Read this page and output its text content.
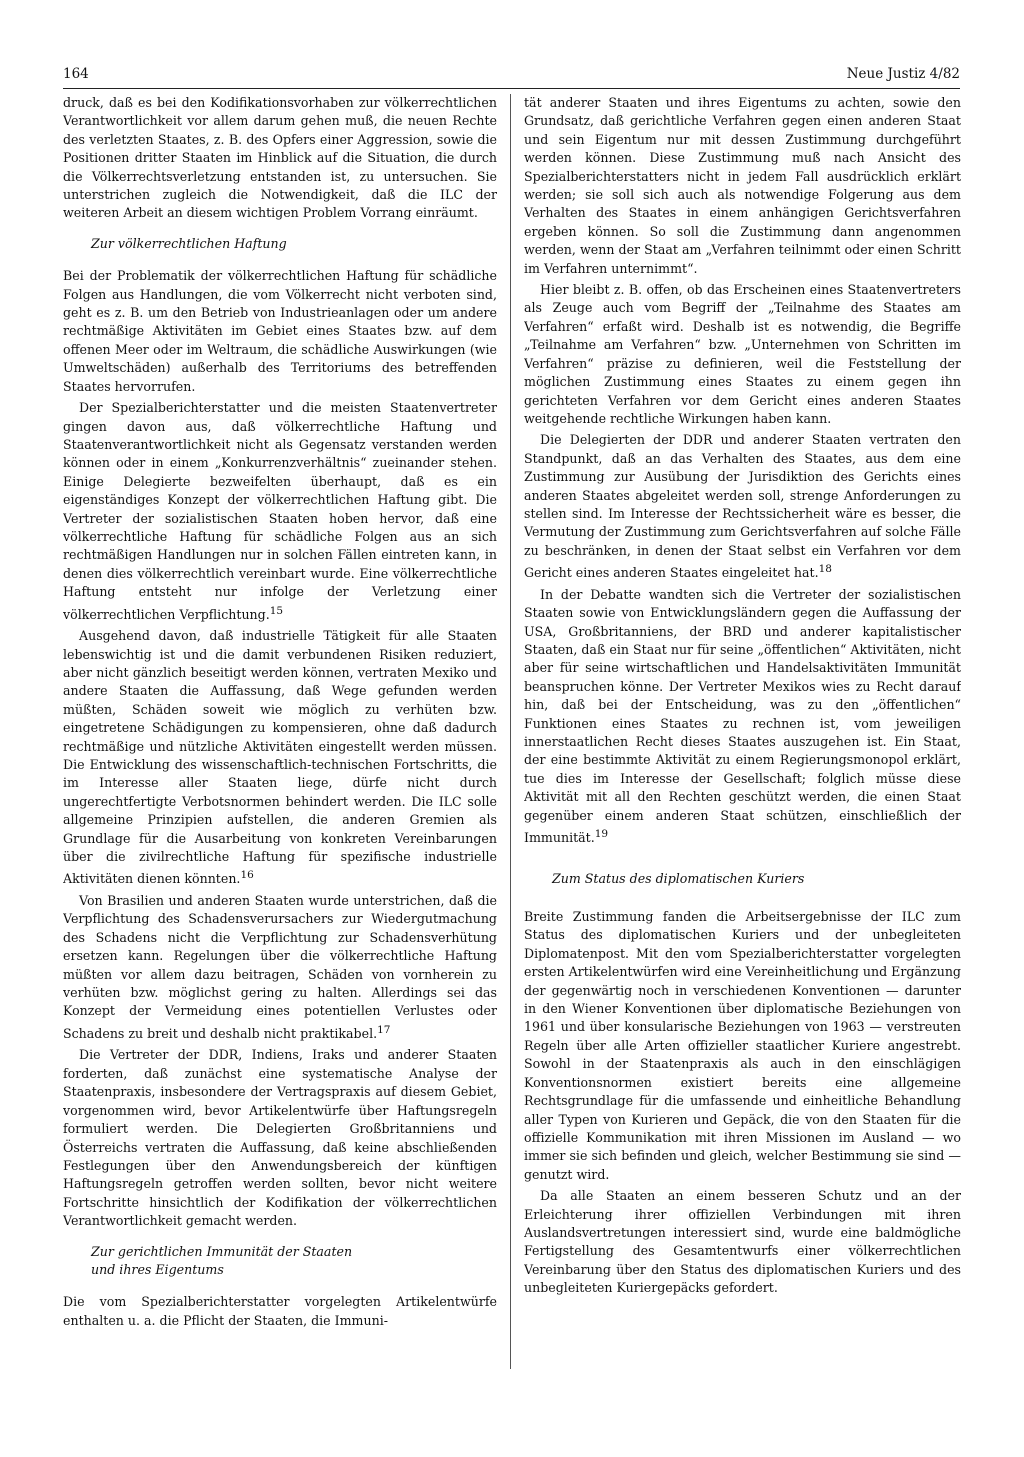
164	Neue Justiz 4/82

druck, daß es bei den Kodifikationsvorhaben zur völkerrechtlichen Verantwortlichkeit vor allem darum gehen muß, die neuen Rechte des verletzten Staates, z. B. des Opfers einer Aggression, sowie die Positionen dritter Staaten im Hinblick auf die Situation, die durch die Völkerrechtsverletzung entstanden ist, zu untersuchen. Sie unterstrichen zugleich die Notwendigkeit, daß die ILC der weiteren Arbeit an diesem wichtigen Problem Vorrang einräumt.

Zur völkerrechtlichen Haftung

Bei der Problematik der völkerrechtlichen Haftung für schädliche Folgen aus Handlungen, die vom Völkerrecht nicht verboten sind, geht es z. B. um den Betrieb von Industrieanlagen oder um andere rechtmäßige Aktivitäten im Gebiet eines Staates bzw. auf dem offenen Meer oder im Weltraum, die schädliche Auswirkungen (wie Umweltschäden) außerhalb des Territoriums des betreffenden Staates hervorrufen.

Der Spezialberichterstatter und die meisten Staatenvertreter gingen davon aus, daß völkerrechtliche Haftung und Staatenverantwortlichkeit nicht als Gegensatz verstanden werden können oder in einem „Konkurrenzverhältnis“ zueinander stehen. Einige Delegierte bezweifelten überhaupt, daß es ein eigenständiges Konzept der völkerrechtlichen Haftung gibt. Die Vertreter der sozialistischen Staaten hoben hervor, daß eine völkerrechtliche Haftung für schädliche Folgen aus an sich rechtmäßigen Handlungen nur in solchen Fällen eintreten kann, in denen dies völkerrechtlich vereinbart wurde. Eine völkerrechtliche Haftung entsteht nur infolge der Verletzung einer völkerrechtlichen Verpflichtung.$^{15}$

Ausgehend davon, daß industrielle Tätigkeit für alle Staaten lebenswichtig ist und die damit verbundenen Risiken reduziert, aber nicht gänzlich beseitigt werden können, vertraten Mexiko und andere Staaten die Auffassung, daß Wege gefunden werden müßten, Schäden soweit wie möglich zu verhüten bzw. eingetretene Schädigungen zu kompensieren, ohne daß dadurch rechtmäßige und nützliche Aktivitäten eingestellt werden müssen. Die Entwicklung des wissenschaftlich-technischen Fortschritts, die im Interesse aller Staaten liege, dürfe nicht durch ungerechtfertigte Verbotsnormen behindert werden. Die ILC solle allgemeine Prinzipien aufstellen, die anderen Gremien als Grundlage für die Ausarbeitung von konkreten Vereinbarungen über die zivilrechtliche Haftung für spezifische industrielle Aktivitäten dienen könnten.$^{16}$

Von Brasilien und anderen Staaten wurde unterstrichen, daß die Verpflichtung des Schadensverursachers zur Wiedergutmachung des Schadens nicht die Verpflichtung zur Schadensverhütung ersetzen kann. Regelungen über die völkerrechtliche Haftung müßten vor allem dazu beitragen, Schäden von vornherein zu verhüten bzw. möglichst gering zu halten. Allerdings sei das Konzept der Vermeidung eines potentiellen Verlustes oder Schadens zu breit und deshalb nicht praktikabel.$^{17}$

Die Vertreter der DDR, Indiens, Iraks und anderer Staaten forderten, daß zunächst eine systematische Analyse der Staatenpraxis, insbesondere der Vertragspraxis auf diesem Gebiet, vorgenommen wird, bevor Artikelentwürfe über Haftungsregeln formuliert werden. Die Delegierten Großbritanniens und Österreichs vertraten die Auffassung, daß keine abschließenden Festlegungen über den Anwendungsbereich der künftigen Haftungsregeln getroffen werden sollten, bevor nicht weitere Fortschritte hinsichtlich der Kodifikation der völkerrechtlichen Verantwortlichkeit gemacht werden.

Zur gerichtlichen Immunität der Staaten
und ihres Eigentums

Die vom Spezialberichterstatter vorgelegten Artikelentwürfe enthalten u. a. die Pflicht der Staaten, die Immuni-

tät anderer Staaten und ihres Eigentums zu achten, sowie den Grundsatz, daß gerichtliche Verfahren gegen einen anderen Staat und sein Eigentum nur mit dessen Zustimmung durchgeführt werden können. Diese Zustimmung muß nach Ansicht des Spezialberichterstatters nicht in jedem Fall ausdrücklich erklärt werden; sie soll sich auch als notwendige Folgerung aus dem Verhalten des Staates in einem anhängigen Gerichtsverfahren ergeben können. So soll die Zustimmung dann angenommen werden, wenn der Staat am „Verfahren teilnimmt oder einen Schritt im Verfahren unternimmt“.

Hier bleibt z. B. offen, ob das Erscheinen eines Staatenvertreters als Zeuge auch vom Begriff der „Teilnahme des Staates am Verfahren“ erfaßt wird. Deshalb ist es notwendig, die Begriffe „Teilnahme am Verfahren“ bzw. „Unternehmen von Schritten im Verfahren“ präzise zu definieren, weil die Feststellung der möglichen Zustimmung eines Staates zu einem gegen ihn gerichteten Verfahren vor dem Gericht eines anderen Staates weitgehende rechtliche Wirkungen haben kann.

Die Delegierten der DDR und anderer Staaten vertraten den Standpunkt, daß an das Verhalten des Staates, aus dem eine Zustimmung zur Ausübung der Jurisdiktion des Gerichts eines anderen Staates abgeleitet werden soll, strenge Anforderungen zu stellen sind. Im Interesse der Rechtssicherheit wäre es besser, die Vermutung der Zustimmung zum Gerichtsverfahren auf solche Fälle zu beschränken, in denen der Staat selbst ein Verfahren vor dem Gericht eines anderen Staates eingeleitet hat.$^{18}$

In der Debatte wandten sich die Vertreter der sozialistischen Staaten sowie von Entwicklungsländern gegen die Auffassung der USA, Großbritanniens, der BRD und anderer kapitalistischer Staaten, daß ein Staat nur für seine „öffentlichen“ Aktivitäten, nicht aber für seine wirtschaftlichen und Handelsaktivitäten Immunität beanspruchen könne. Der Vertreter Mexikos wies zu Recht darauf hin, daß bei der Entscheidung, was zu den „öffentlichen“ Funktionen eines Staates zu rechnen ist, vom jeweiligen innerstaatlichen Recht dieses Staates auszugehen ist. Ein Staat, der eine bestimmte Aktivität zu einem Regierungsmonopol erklärt, tue dies im Interesse der Gesellschaft; folglich müsse diese Aktivität mit all den Rechten geschützt werden, die einen Staat gegenüber einem anderen Staat schützen, einschließlich der Immunität.$^{19}$

Zum Status des diplomatischen Kuriers

Breite Zustimmung fanden die Arbeitsergebnisse der ILC zum Status des diplomatischen Kuriers und der unbegleiteten Diplomatenpost. Mit den vom Spezialberichterstatter vorgelegten ersten Artikelentwürfen wird eine Vereinheitlichung und Ergänzung der gegenwärtig noch in verschiedenen Konventionen — darunter in den Wiener Konventionen über diplomatische Beziehungen von 1961 und über konsularische Beziehungen von 1963 — verstreuten Regeln über alle Arten offizieller staatlicher Kuriere angestrebt. Sowohl in der Staatenpraxis als auch in den einschlägigen Konventionsnormen existiert bereits eine allgemeine Rechtsgrundlage für die umfassende und einheitliche Behandlung aller Typen von Kurieren und Gepäck, die von den Staaten für die offizielle Kommunikation mit ihren Missionen im Ausland — wo immer sie sich befinden und gleich, welcher Bestimmung sie sind — genutzt wird.

Da alle Staaten an einem besseren Schutz und an der Erleichterung ihrer offiziellen Verbindungen mit ihren Auslandsvertretungen interessiert sind, wurde eine baldmögliche Fertigstellung des Gesamtentwurfs einer völkerrechtlichen Vereinbarung über den Status des diplomatischen Kuriers und des unbegleiteten Kuriergepäcks gefordert.
